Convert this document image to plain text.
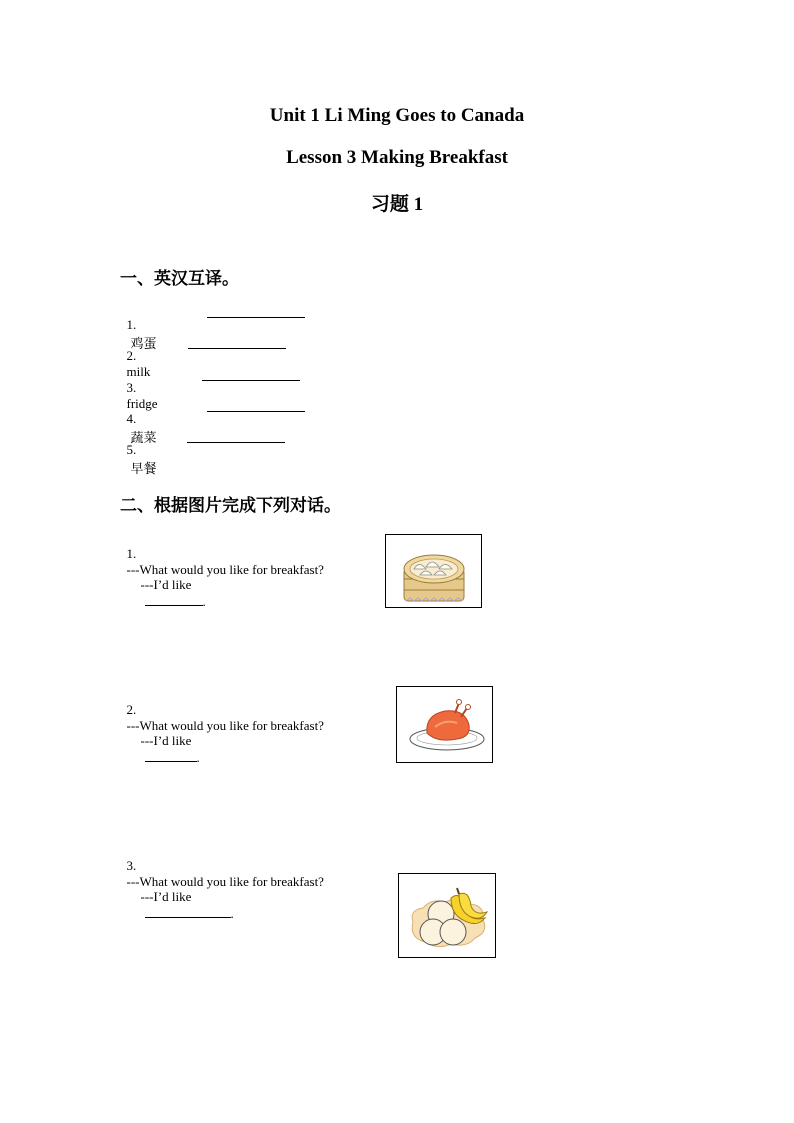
Unit 1 Li Ming Goes to Canada
Lesson 3 Making Breakfast
习题 1
一、英汉互译。

1.
鸡蛋

2.
milk

3.
fridge

4.
蔬菜

5.
早餐

二、根据图片完成下列对话。

1.
---What would you like for breakfast?

---I’d like
.

2.
---What would you like for breakfast?

---I’d like
.

3.
---What would you like for breakfast?

---I’d like
.
